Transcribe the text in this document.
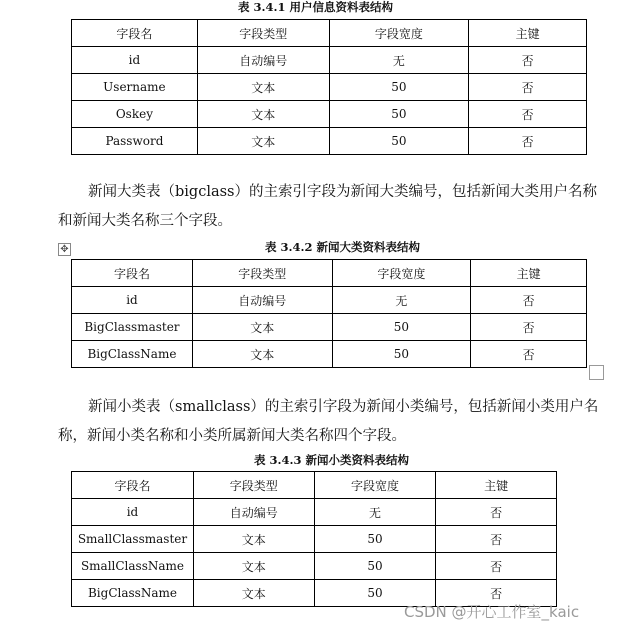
表 3.4.1 用户信息资料表结构
字段名	字段类型	字段宽度	主键
id	自动编号	无	否
Username	文本	50	否
Oskey	文本	50	否
Password	文本	50	否
新闻大类表（bigclass）的主索引字段为新闻大类编号，包括新闻大类用户名称和新闻大类名称三个字段。
✥	表 3.4.2 新闻大类资料表结构
字段名	字段类型	字段宽度	主键
id	自动编号	无	否
BigClassmaster	文本	50	否
BigClassName	文本	50	否
新闻小类表（smallclass）的主索引字段为新闻小类编号，包括新闻小类用户名称，新闻小类名称和小类所属新闻大类名称四个字段。
表 3.4.3 新闻小类资料表结构
字段名	字段类型	字段宽度	主键
id	自动编号	无	否
SmallClassmaster	文本	50	否
SmallClassName	文本	50	否
BigClassName	文本	50	否
CSDN @开心工作室_kaic
